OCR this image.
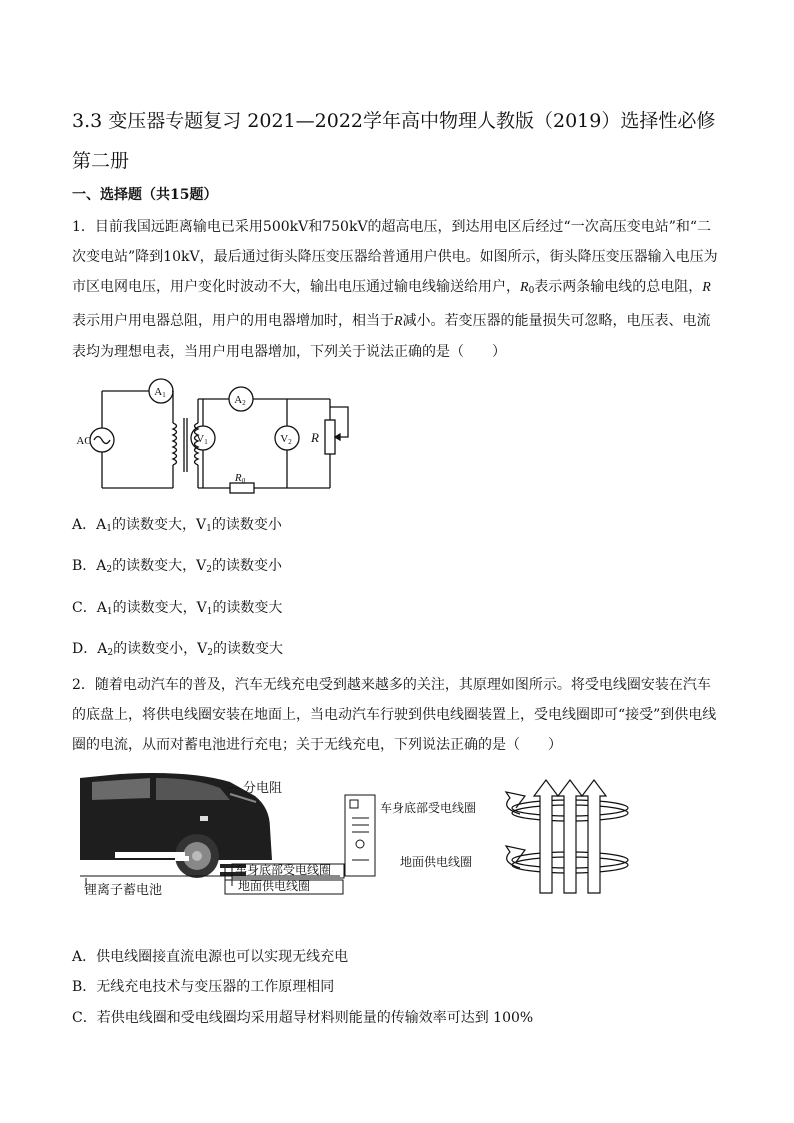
3.3 变压器专题复习 2021—2022学年高中物理人教版（2019）选择性必修第二册
一、选择题（共15题）
1．目前我国远距离输电已采用500kV和750kV的超高电压，到达用电区后经过“一次高压变电站”和“二次变电站”降到10kV，最后通过街头降压变压器给普通用户供电。如图所示，街头降压变压器输入电压为市区电网电压，用户变化时波动不大，输出电压通过输电线输送给用户，$R_0$表示两条输电线的总电阻，R表示用户用电器总阻，用户的用电器增加时，相当于R减小。若变压器的能量损失可忽略，电压表、电流表均为理想电表，当用户用电器增加，下列关于说法正确的是（　　）
AC
A1	A2
V1	V2 R
R0
A．$A_1$的读数变大，$V_1$的读数变小
B．$A_2$的读数变大，$V_2$的读数变小
C．$A_1$的读数变大，$V_1$的读数变大
D．$A_2$的读数变小，$V_2$的读数变大
2．随着电动汽车的普及，汽车无线充电受到越来越多的关注，其原理如图所示。将受电线圈安装在汽车的底盘上，将供电线圈安装在地面上，当电动汽车行驶到供电线圈装置上，受电线圈即可“接受”到供电线圈的电流，从而对蓄电池进行充电；关于无线充电，下列说法正确的是（　　）
分电阻
锂离子蓄电池
车身底部受电线圈
地面供电线圈
车身底部受电线圈
地面供电线圈
A．供电线圈接直流电源也可以实现无线充电
B．无线充电技术与变压器的工作原理相同
C．若供电线圈和受电线圈均采用超导材料则能量的传输效率可达到 100%
